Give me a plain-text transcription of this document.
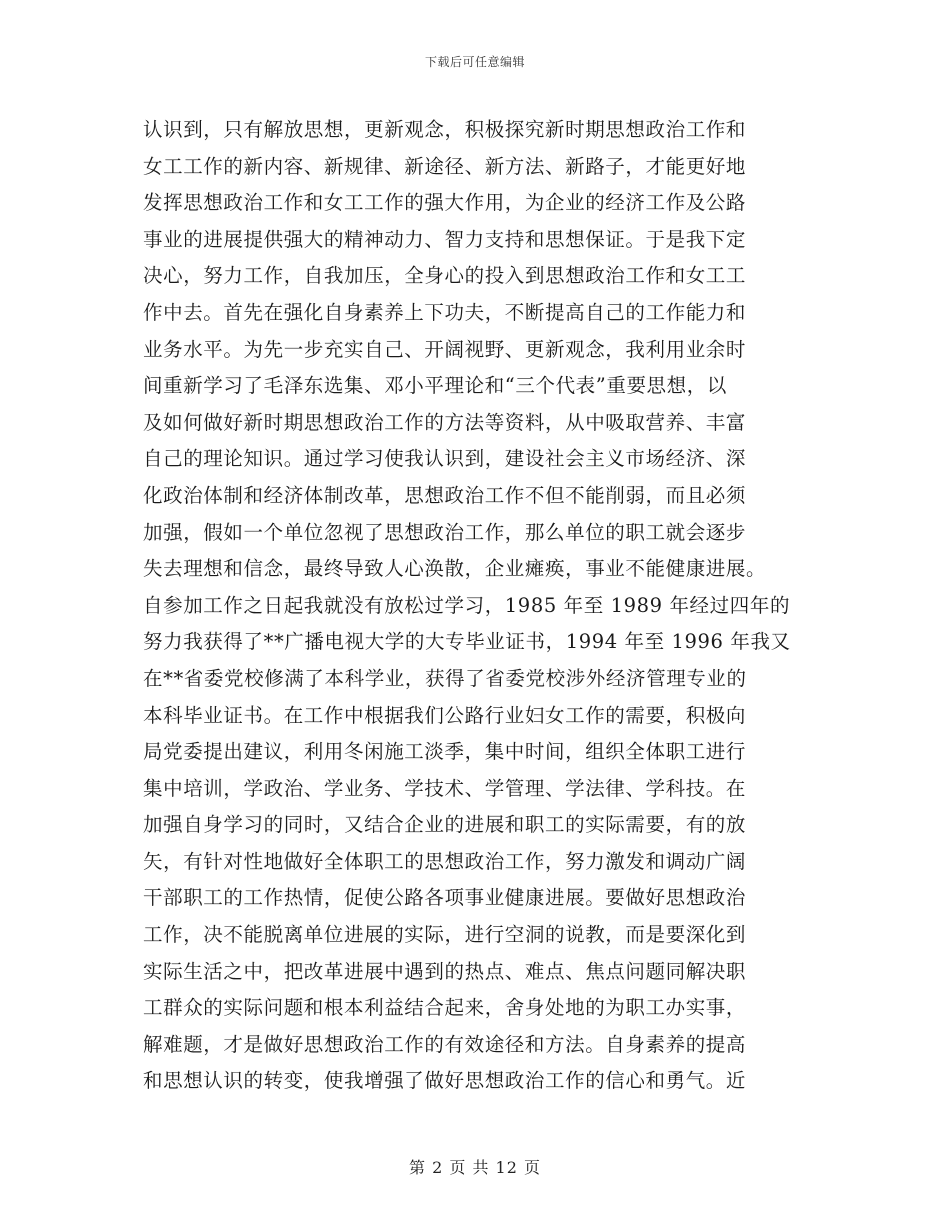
下载后可任意编辑
认识到，只有解放思想，更新观念，积极探究新时期思想政治工作和
女工工作的新内容、新规律、新途径、新方法、新路子，才能更好地
发挥思想政治工作和女工工作的强大作用，为企业的经济工作及公路
事业的进展提供强大的精神动力、智力支持和思想保证。于是我下定
决心，努力工作，自我加压，全身心的投入到思想政治工作和女工工
作中去。首先在强化自身素养上下功夫，不断提高自己的工作能力和
业务水平。为先一步充实自己、开阔视野、更新观念，我利用业余时
间重新学习了毛泽东选集、邓小平理论和“三个代表”重要思想，以
及如何做好新时期思想政治工作的方法等资料，从中吸取营养、丰富
自己的理论知识。通过学习使我认识到，建设社会主义市场经济、深
化政治体制和经济体制改革，思想政治工作不但不能削弱，而且必须
加强，假如一个单位忽视了思想政治工作，那么单位的职工就会逐步
失去理想和信念，最终导致人心涣散，企业瘫痪，事业不能健康进展。
自参加工作之日起我就没有放松过学习，1985 年至 1989 年经过四年的
努力我获得了**广播电视大学的大专毕业证书，1994 年至 1996 年我又
在**省委党校修满了本科学业，获得了省委党校涉外经济管理专业的
本科毕业证书。在工作中根据我们公路行业妇女工作的需要，积极向
局党委提出建议，利用冬闲施工淡季，集中时间，组织全体职工进行
集中培训，学政治、学业务、学技术、学管理、学法律、学科技。在
加强自身学习的同时，又结合企业的进展和职工的实际需要，有的放
矢，有针对性地做好全体职工的思想政治工作，努力激发和调动广阔
干部职工的工作热情，促使公路各项事业健康进展。要做好思想政治
工作，决不能脱离单位进展的实际，进行空洞的说教，而是要深化到
实际生活之中，把改革进展中遇到的热点、难点、焦点问题同解决职
工群众的实际问题和根本利益结合起来，舍身处地的为职工办实事，
解难题，才是做好思想政治工作的有效途径和方法。自身素养的提高
和思想认识的转变，使我增强了做好思想政治工作的信心和勇气。近
第 2 页 共 12 页
